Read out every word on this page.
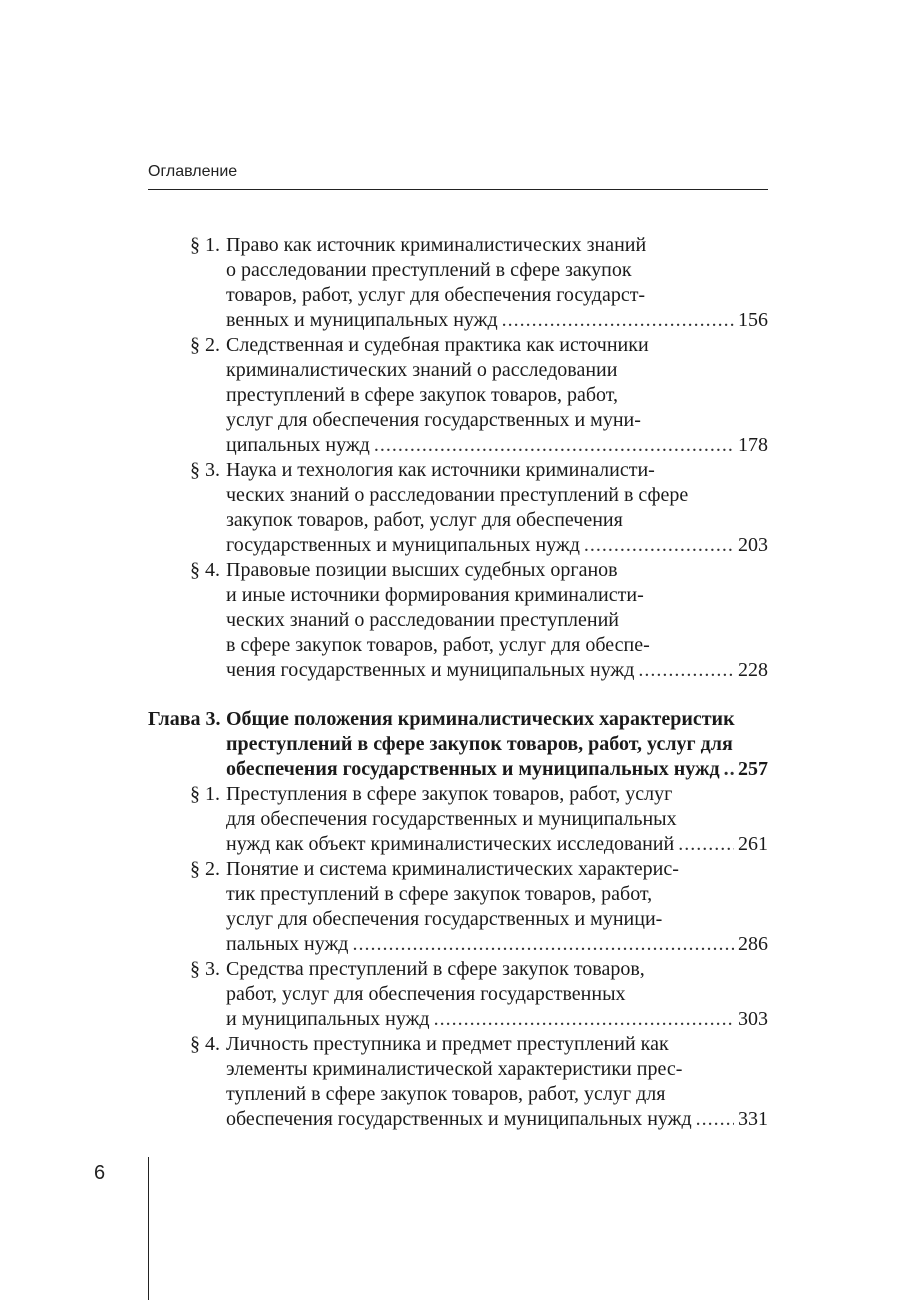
Оглавление
§ 1. Право как источник криминалистических знаний
о расследовании преступлений в сфере закупок
товаров, работ, услуг для обеспечения государст-
венных и муниципальных нужд .....	156
§ 2. Следственная и судебная практика как источники
криминалистических знаний о расследовании
преступлений в сфере закупок товаров, работ,
услуг для обеспечения государственных и муни-
ципальных нужд .....	178
§ 3. Наука и технология как источники криминалисти-
ческих знаний о расследовании преступлений в сфере
закупок товаров, работ, услуг для обеспечения
государственных и муниципальных нужд .....	203
§ 4. Правовые позиции высших судебных органов
и иные источники формирования криминалисти-
ческих знаний о расследовании преступлений
в сфере закупок товаров, работ, услуг для обеспе-
чения государственных и муниципальных нужд .....	228
Глава 3. Общие положения криминалистических характеристик
преступлений в сфере закупок товаров, работ, услуг для
обеспечения государственных и муниципальных нужд ..... 257
§ 1. Преступления в сфере закупок товаров, работ, услуг
для обеспечения государственных и муниципальных
нужд как объект криминалистических исследований .....	261
§ 2. Понятие и система криминалистических характерис-
тик преступлений в сфере закупок товаров, работ,
услуг для обеспечения государственных и муници-
пальных нужд .....	286
§ 3. Средства преступлений в сфере закупок товаров,
работ, услуг для обеспечения государственных
и муниципальных нужд .....	303
§ 4. Личность преступника и предмет преступлений как
элементы криминалистической характеристики прес-
туплений в сфере закупок товаров, работ, услуг для
обеспечения государственных и муниципальных нужд ..... 331
6
